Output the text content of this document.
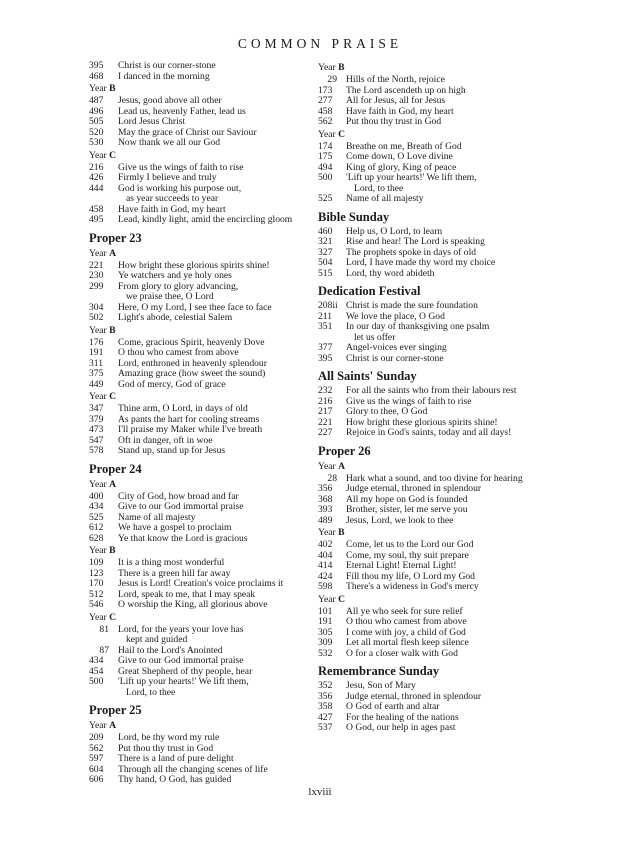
COMMON PRAISE
395	Christ is our corner-stone
468	I danced in the morning
Year B
487	Jesus, good above all other
496	Lead us, heavenly Father, lead us
505	Lord Jesus Christ
520	May the grace of Christ our Saviour
530	Now thank we all our God
Year C
216	Give us the wings of faith to rise
426	Firmly I believe and truly
444	God is working his purpose out,
as year succeeds to year
458	Have faith in God, my heart
495	Lead, kindly light, amid the encircling gloom
Proper 23
Year A
221	How bright these glorious spirits shine!
230	Ye watchers and ye holy ones
299	From glory to glory advancing,
we praise thee, O Lord
304	Here, O my Lord, I see thee face to face
502	Light's abode, celestial Salem
Year B
176	Come, gracious Spirit, heavenly Dove
191	O thou who camest from above
311	Lord, enthroned in heavenly splendour
375	Amazing grace (how sweet the sound)
449	God of mercy, God of grace
Year C
347	Thine arm, O Lord, in days of old
379	As pants the hart for cooling streams
473	I'll praise my Maker while I've breath
547	Oft in danger, oft in woe
578	Stand up, stand up for Jesus
Proper 24
Year A
400	City of God, how broad and far
434	Give to our God immortal praise
525	Name of all majesty
612	We have a gospel to proclaim
628	Ye that know the Lord is gracious
Year B
109	It is a thing most wonderful
123	There is a green hill far away
170	Jesus is Lord! Creation's voice proclaims it
512	Lord, speak to me, that I may speak
546	O worship the King, all glorious above
Year C
81 Lord, for the years your love has
kept and guided
87 Hail to the Lord's Anointed
434	Give to our God immortal praise
454	Great Shepherd of thy people, hear
500	'Lift up your hearts!' We lift them,
Lord, to thee
Proper 25
Year A
209	Lord, be thy word my rule
562	Put thou thy trust in God
597	There is a land of pure delight
604	Through all the changing scenes of life
606	Thy hand, O God, has guided
Year B
29 Hills of the North, rejoice
173	The Lord ascendeth up on high
277	All for Jesus, all for Jesus
458	Have faith in God, my heart
562	Put thou thy trust in God
Year C
174	Breathe on me, Breath of God
175	Come down, O Love divine
494	King of glory, King of peace
500	'Lift up your hearts!' We lift them,
Lord, to thee
525	Name of all majesty
Bible Sunday
460	Help us, O Lord, to learn
321	Rise and hear! The Lord is speaking
327	The prophets spoke in days of old
504	Lord, I have made thy word my choice
515	Lord, thy word abideth
Dedication Festival
208ii Christ is made the sure foundation
211	We love the place, O God
351	In our day of thanksgiving one psalm
let us offer
377	Angel-voices ever singing
395	Christ is our corner-stone
All Saints' Sunday
232	For all the saints who from their labours rest
216	Give us the wings of faith to rise
217	Glory to thee, O God
221	How bright these glorious spirits shine!
227	Rejoice in God's saints, today and all days!
Proper 26
Year A
28 Hark what a sound, and too divine for hearing
356	Judge eternal, throned in splendour
368	All my hope on God is founded
393	Brother, sister, let me serve you
489	Jesus, Lord, we look to thee
Year B
402	Come, let us to the Lord our God
404	Come, my soul, thy suit prepare
414	Eternal Light! Eternal Light!
424	Fill thou my life, O Lord my God
598	There's a wideness in God's mercy
Year C
101	All ye who seek for sure relief
191	O thou who camest from above
305	I come with joy, a child of God
309	Let all mortal flesh keep silence
532	O for a closer walk with God
Remembrance Sunday
352	Jesu, Son of Mary
356	Judge eternal, throned in splendour
358	O God of earth and altar
427	For the healing of the nations
537	O God, our help in ages past
lxviii
